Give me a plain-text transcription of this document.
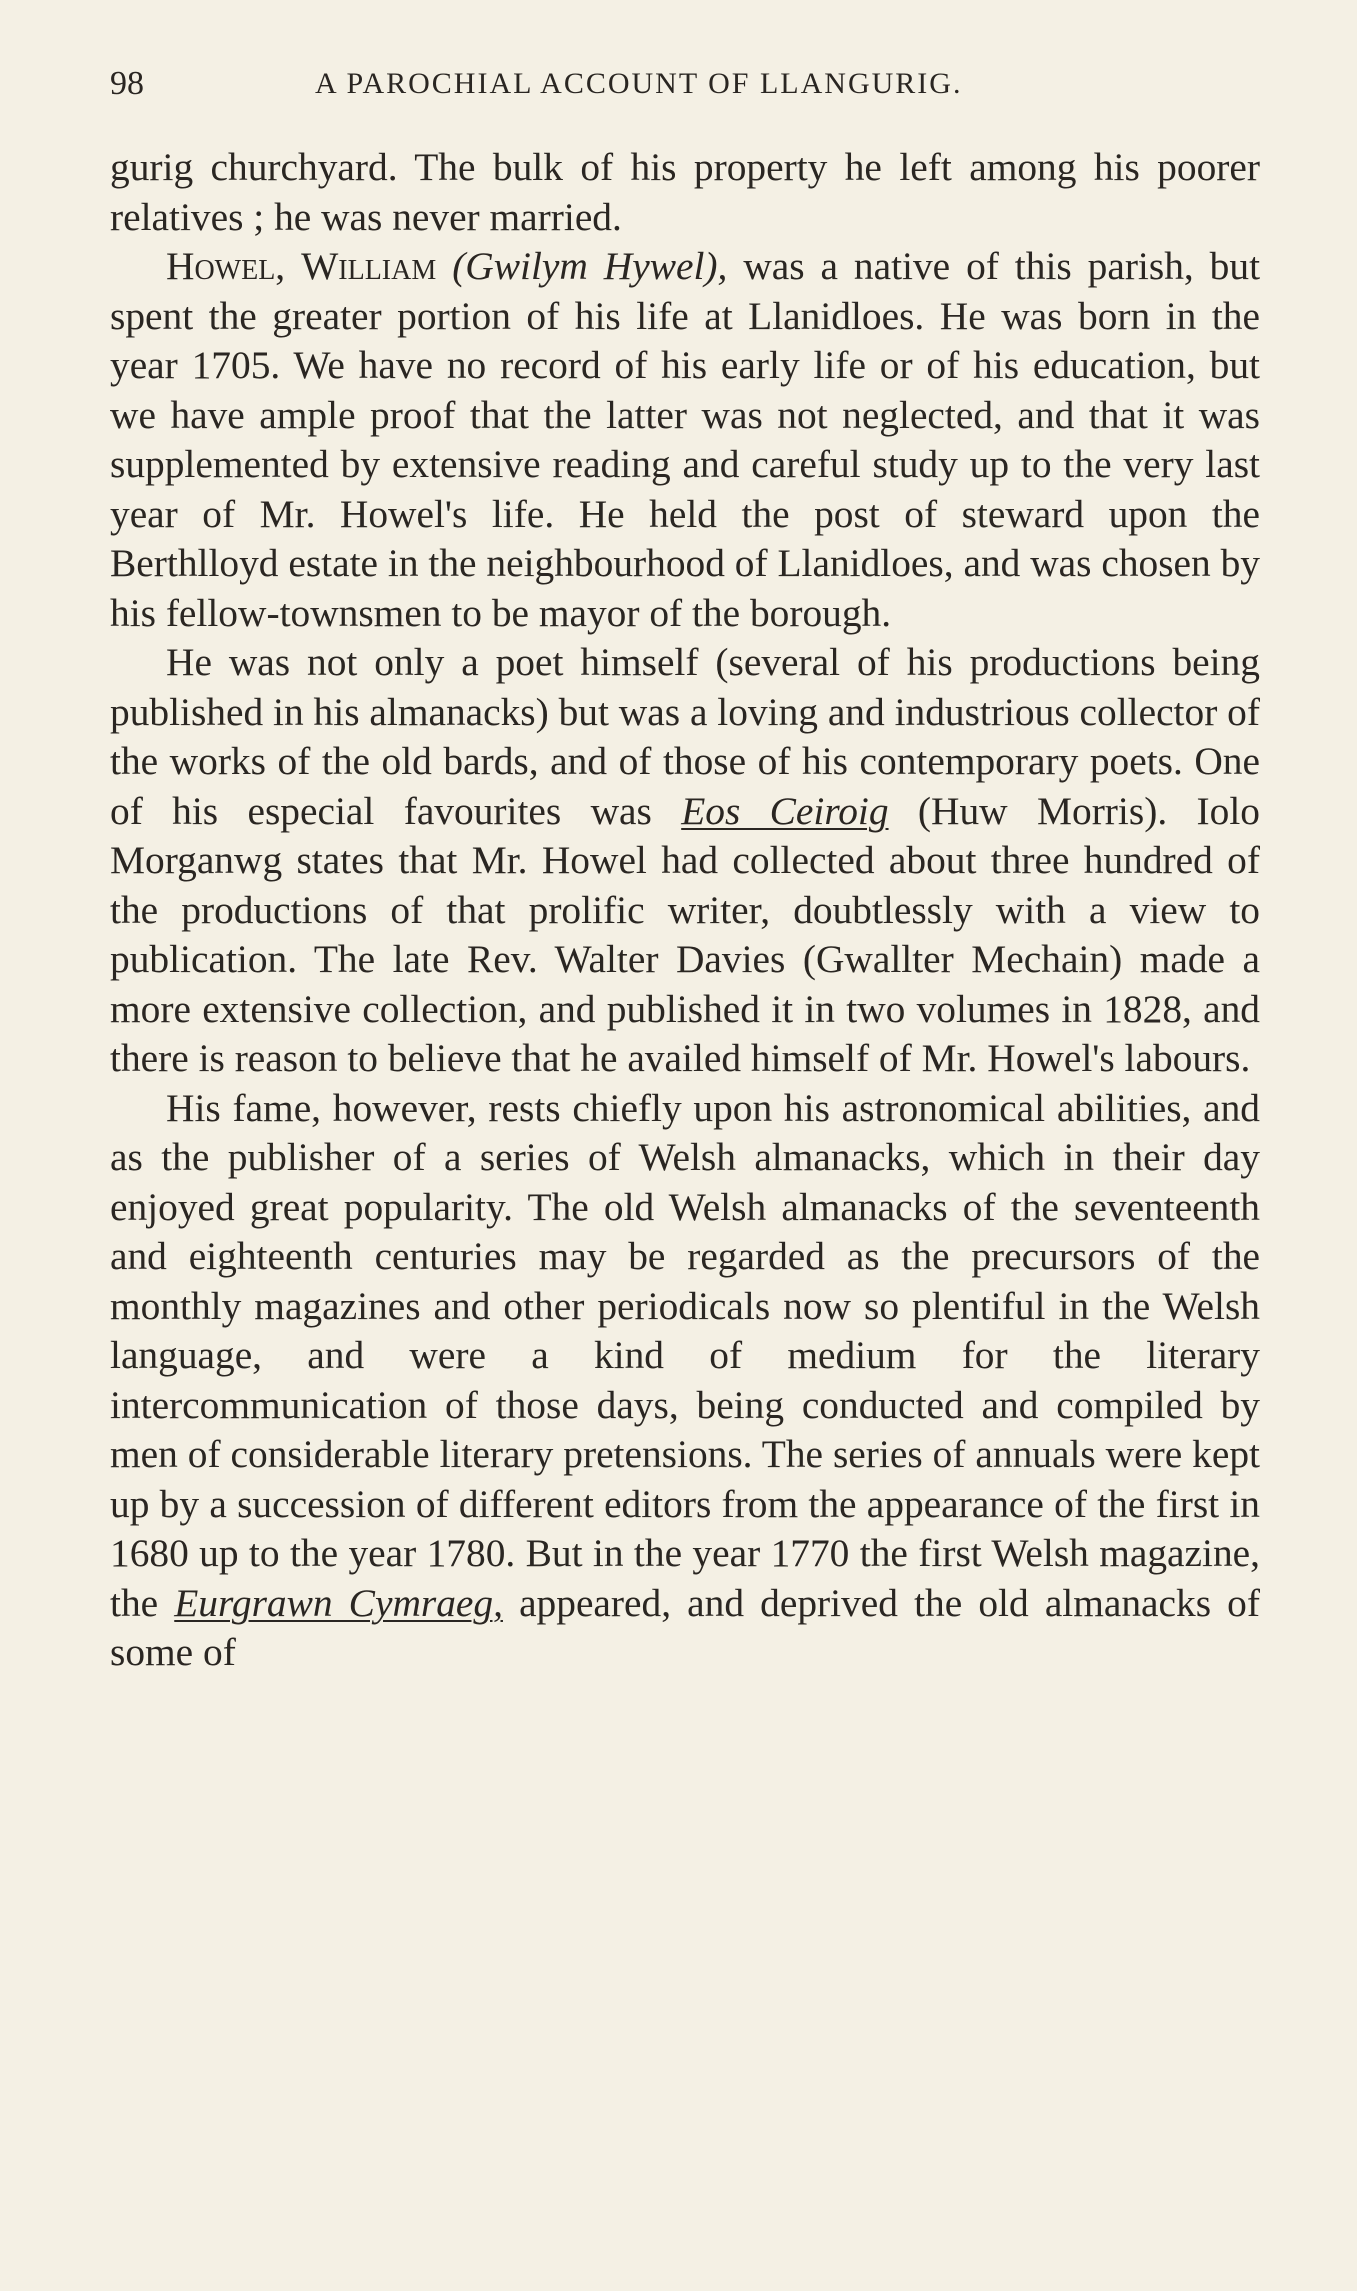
98	A PAROCHIAL ACCOUNT OF LLANGURIG.

gurig churchyard. The bulk of his property he left among his poorer relatives ; he was never married.

Howel, William (Gwilym Hywel), was a native of this parish, but spent the greater portion of his life at Llanidloes. He was born in the year 1705. We have no record of his early life or of his education, but we have ample proof that the latter was not neglected, and that it was supplemented by extensive reading and careful study up to the very last year of Mr. Howel's life. He held the post of steward upon the Berthlloyd estate in the neighbourhood of Llanidloes, and was chosen by his fellow-townsmen to be mayor of the borough.

He was not only a poet himself (several of his productions being published in his almanacks) but was a loving and industrious collector of the works of the old bards, and of those of his contemporary poets. One of his especial favourites was Eos Ceiroig (Huw Morris). Iolo Morganwg states that Mr. Howel had collected about three hundred of the productions of that prolific writer, doubtlessly with a view to publication. The late Rev. Walter Davies (Gwallter Mechain) made a more extensive collection, and published it in two volumes in 1828, and there is reason to believe that he availed himself of Mr. Howel's labours.

His fame, however, rests chiefly upon his astronomical abilities, and as the publisher of a series of Welsh almanacks, which in their day enjoyed great popularity. The old Welsh almanacks of the seventeenth and eighteenth centuries may be regarded as the precursors of the monthly magazines and other periodicals now so plentiful in the Welsh language, and were a kind of medium for the literary intercommunication of those days, being conducted and compiled by men of considerable literary pretensions. The series of annuals were kept up by a succession of different editors from the appearance of the first in 1680 up to the year 1780. But in the year 1770 the first Welsh magazine, the Eurgrawn Cymraeg, appeared, and deprived the old almanacks of some of
